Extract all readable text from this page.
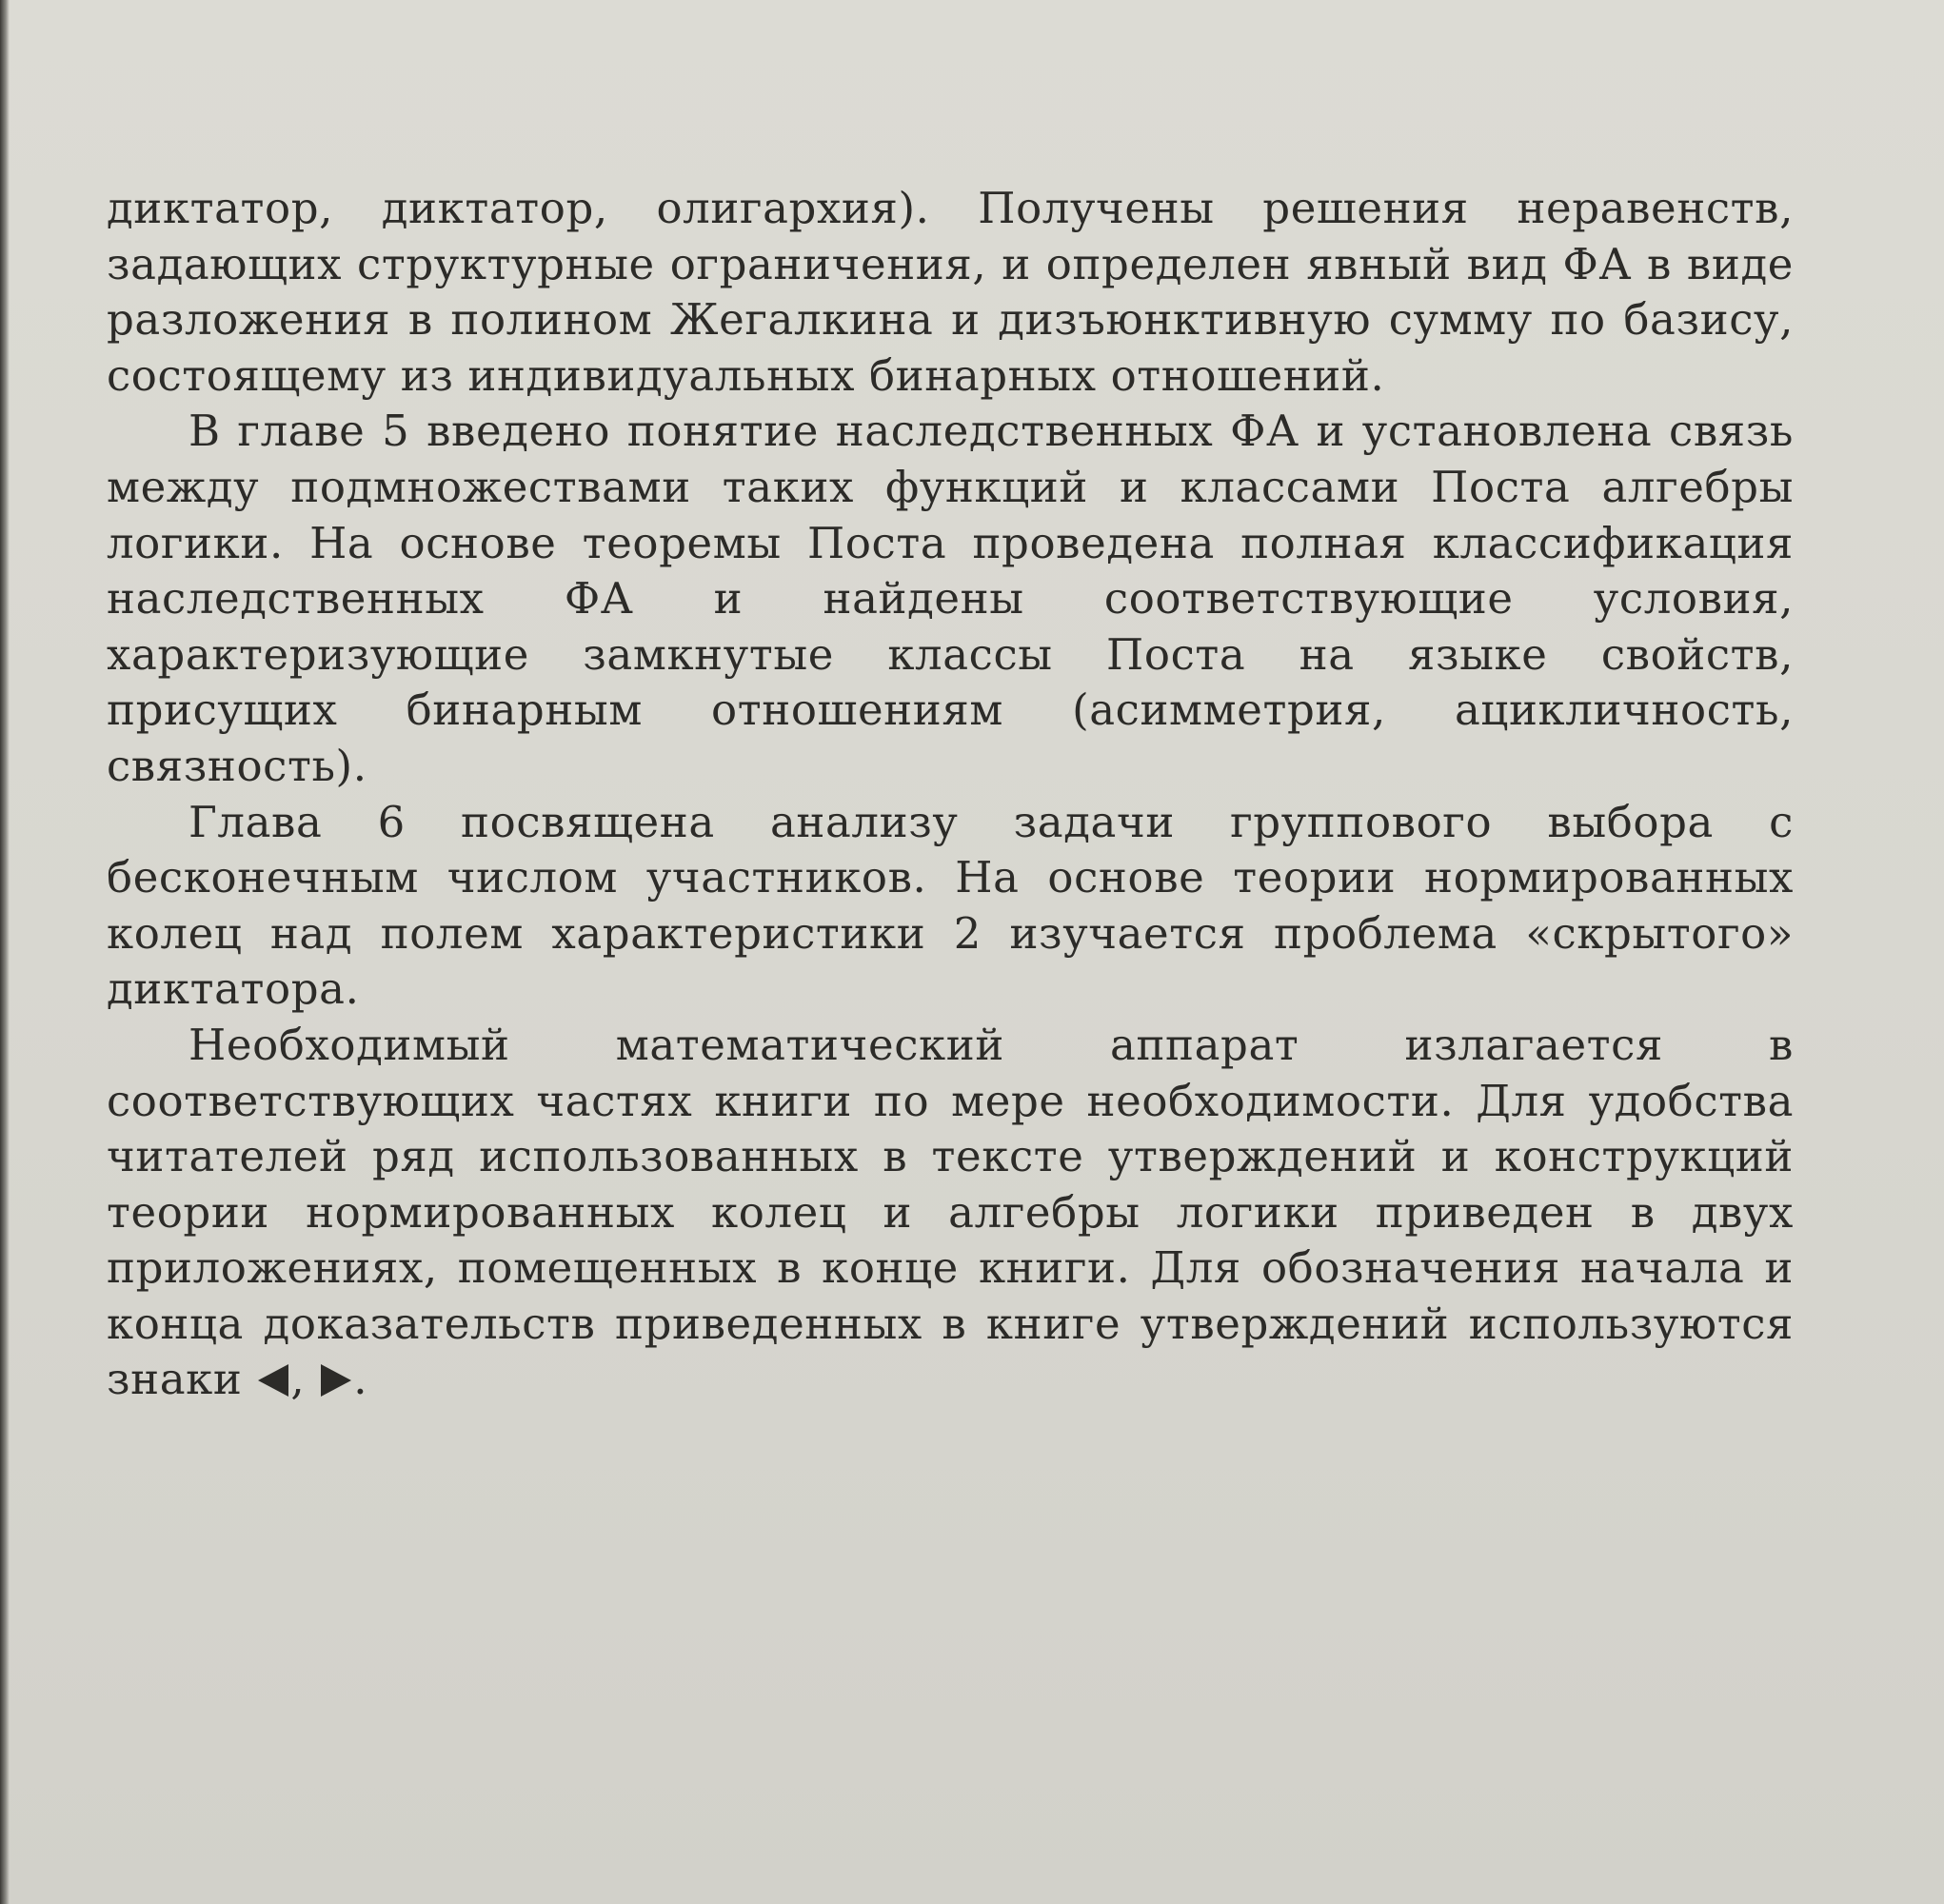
диктатор, диктатор, олигархия). Получены решения неравенств, задающих структурные ограничения, и определен явный вид ФА в виде разложения в полином Жегалкина и дизъюнктивную сумму по базису, состоящему из индивидуальных бинарных отношений.

В главе 5 введено понятие наследственных ФА и установлена связь между подмножествами таких функций и классами Поста алгебры логики. На основе теоремы Поста проведена полная классификация наследственных ФА и найдены соответствующие условия, характеризующие замкнутые классы Поста на языке свойств, присущих бинарным отношениям (асимметрия, ацикличность, связность).

Глава 6 посвящена анализу задачи группового выбора с бесконечным числом участников. На основе теории нормированных колец над полем характеристики 2 изучается проблема «скрытого» диктатора.

Необходимый математический аппарат излагается в соответствующих частях книги по мере необходимости. Для удобства читателей ряд использованных в тексте утверждений и конструкций теории нормированных колец и алгебры логики приведен в двух приложениях, помещенных в конце книги. Для обозначения начала и конца доказательств приведенных в книге утверждений используются знаки , .
